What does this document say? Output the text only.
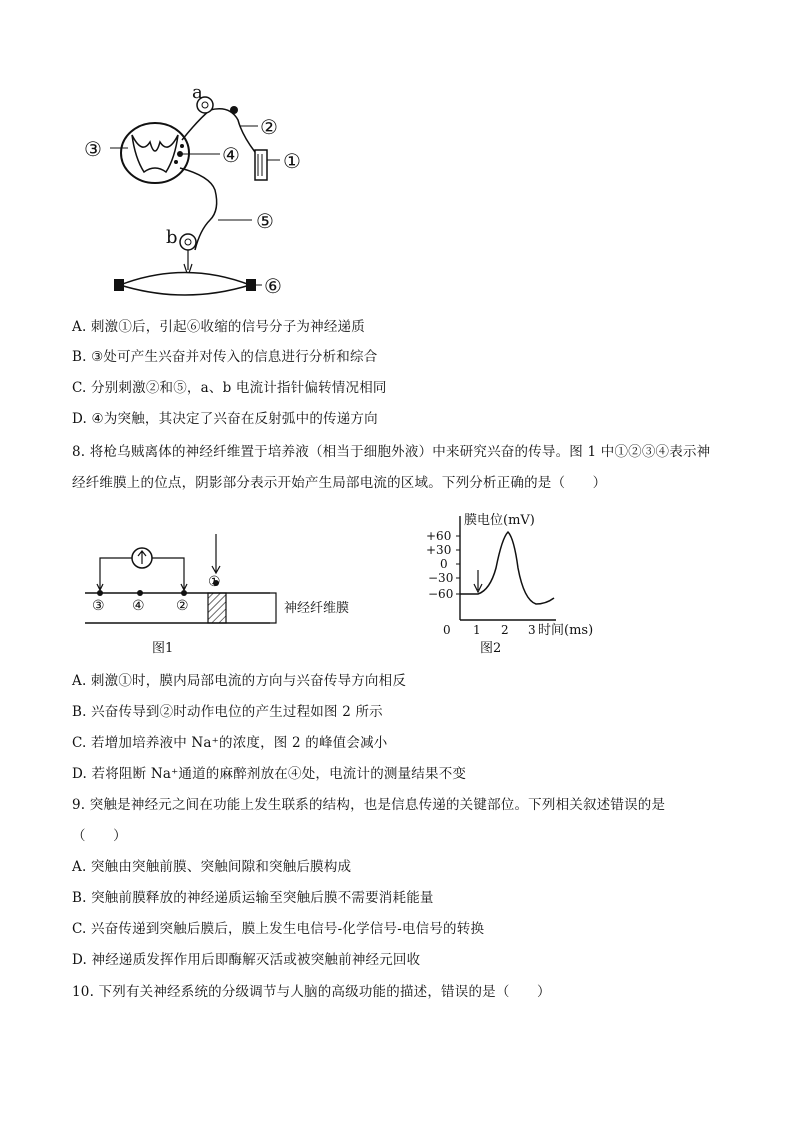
a
b
③	④
②
①
⑤
⑥
A. 刺激①后，引起⑥收缩的信号分子为神经递质
B. ③处可产生兴奋并对传入的信息进行分析和综合
C. 分别刺激②和⑤，a、b 电流计指针偏转情况相同
D. ④为突触，其决定了兴奋在反射弧中的传递方向
8. 将枪乌贼离体的神经纤维置于培养液（相当于细胞外液）中来研究兴奋的传导。图 1 中①②③④表示神
经纤维膜上的位点，阴影部分表示开始产生局部电流的区域。下列分析正确的是（　　）
神经纤维膜
③ ④ ②
①
图1
膜电位(mV)
+60
+30
0
−30
−60
0 1 2 3 时间(ms)
图2
A. 刺激①时，膜内局部电流的方向与兴奋传导方向相反
B. 兴奋传导到②时动作电位的产生过程如图 2 所示
C. 若增加培养液中 Na⁺的浓度，图 2 的峰值会减小
D. 若将阻断 Na⁺通道的麻醉剂放在④处，电流计的测量结果不变
9. 突触是神经元之间在功能上发生联系的结构，也是信息传递的关键部位。下列相关叙述错误的是
（　　）
A. 突触由突触前膜、突触间隙和突触后膜构成
B. 突触前膜释放的神经递质运输至突触后膜不需要消耗能量
C. 兴奋传递到突触后膜后，膜上发生电信号-化学信号-电信号的转换
D. 神经递质发挥作用后即酶解灭活或被突触前神经元回收
10. 下列有关神经系统的分级调节与人脑的高级功能的描述，错误的是（　　）
